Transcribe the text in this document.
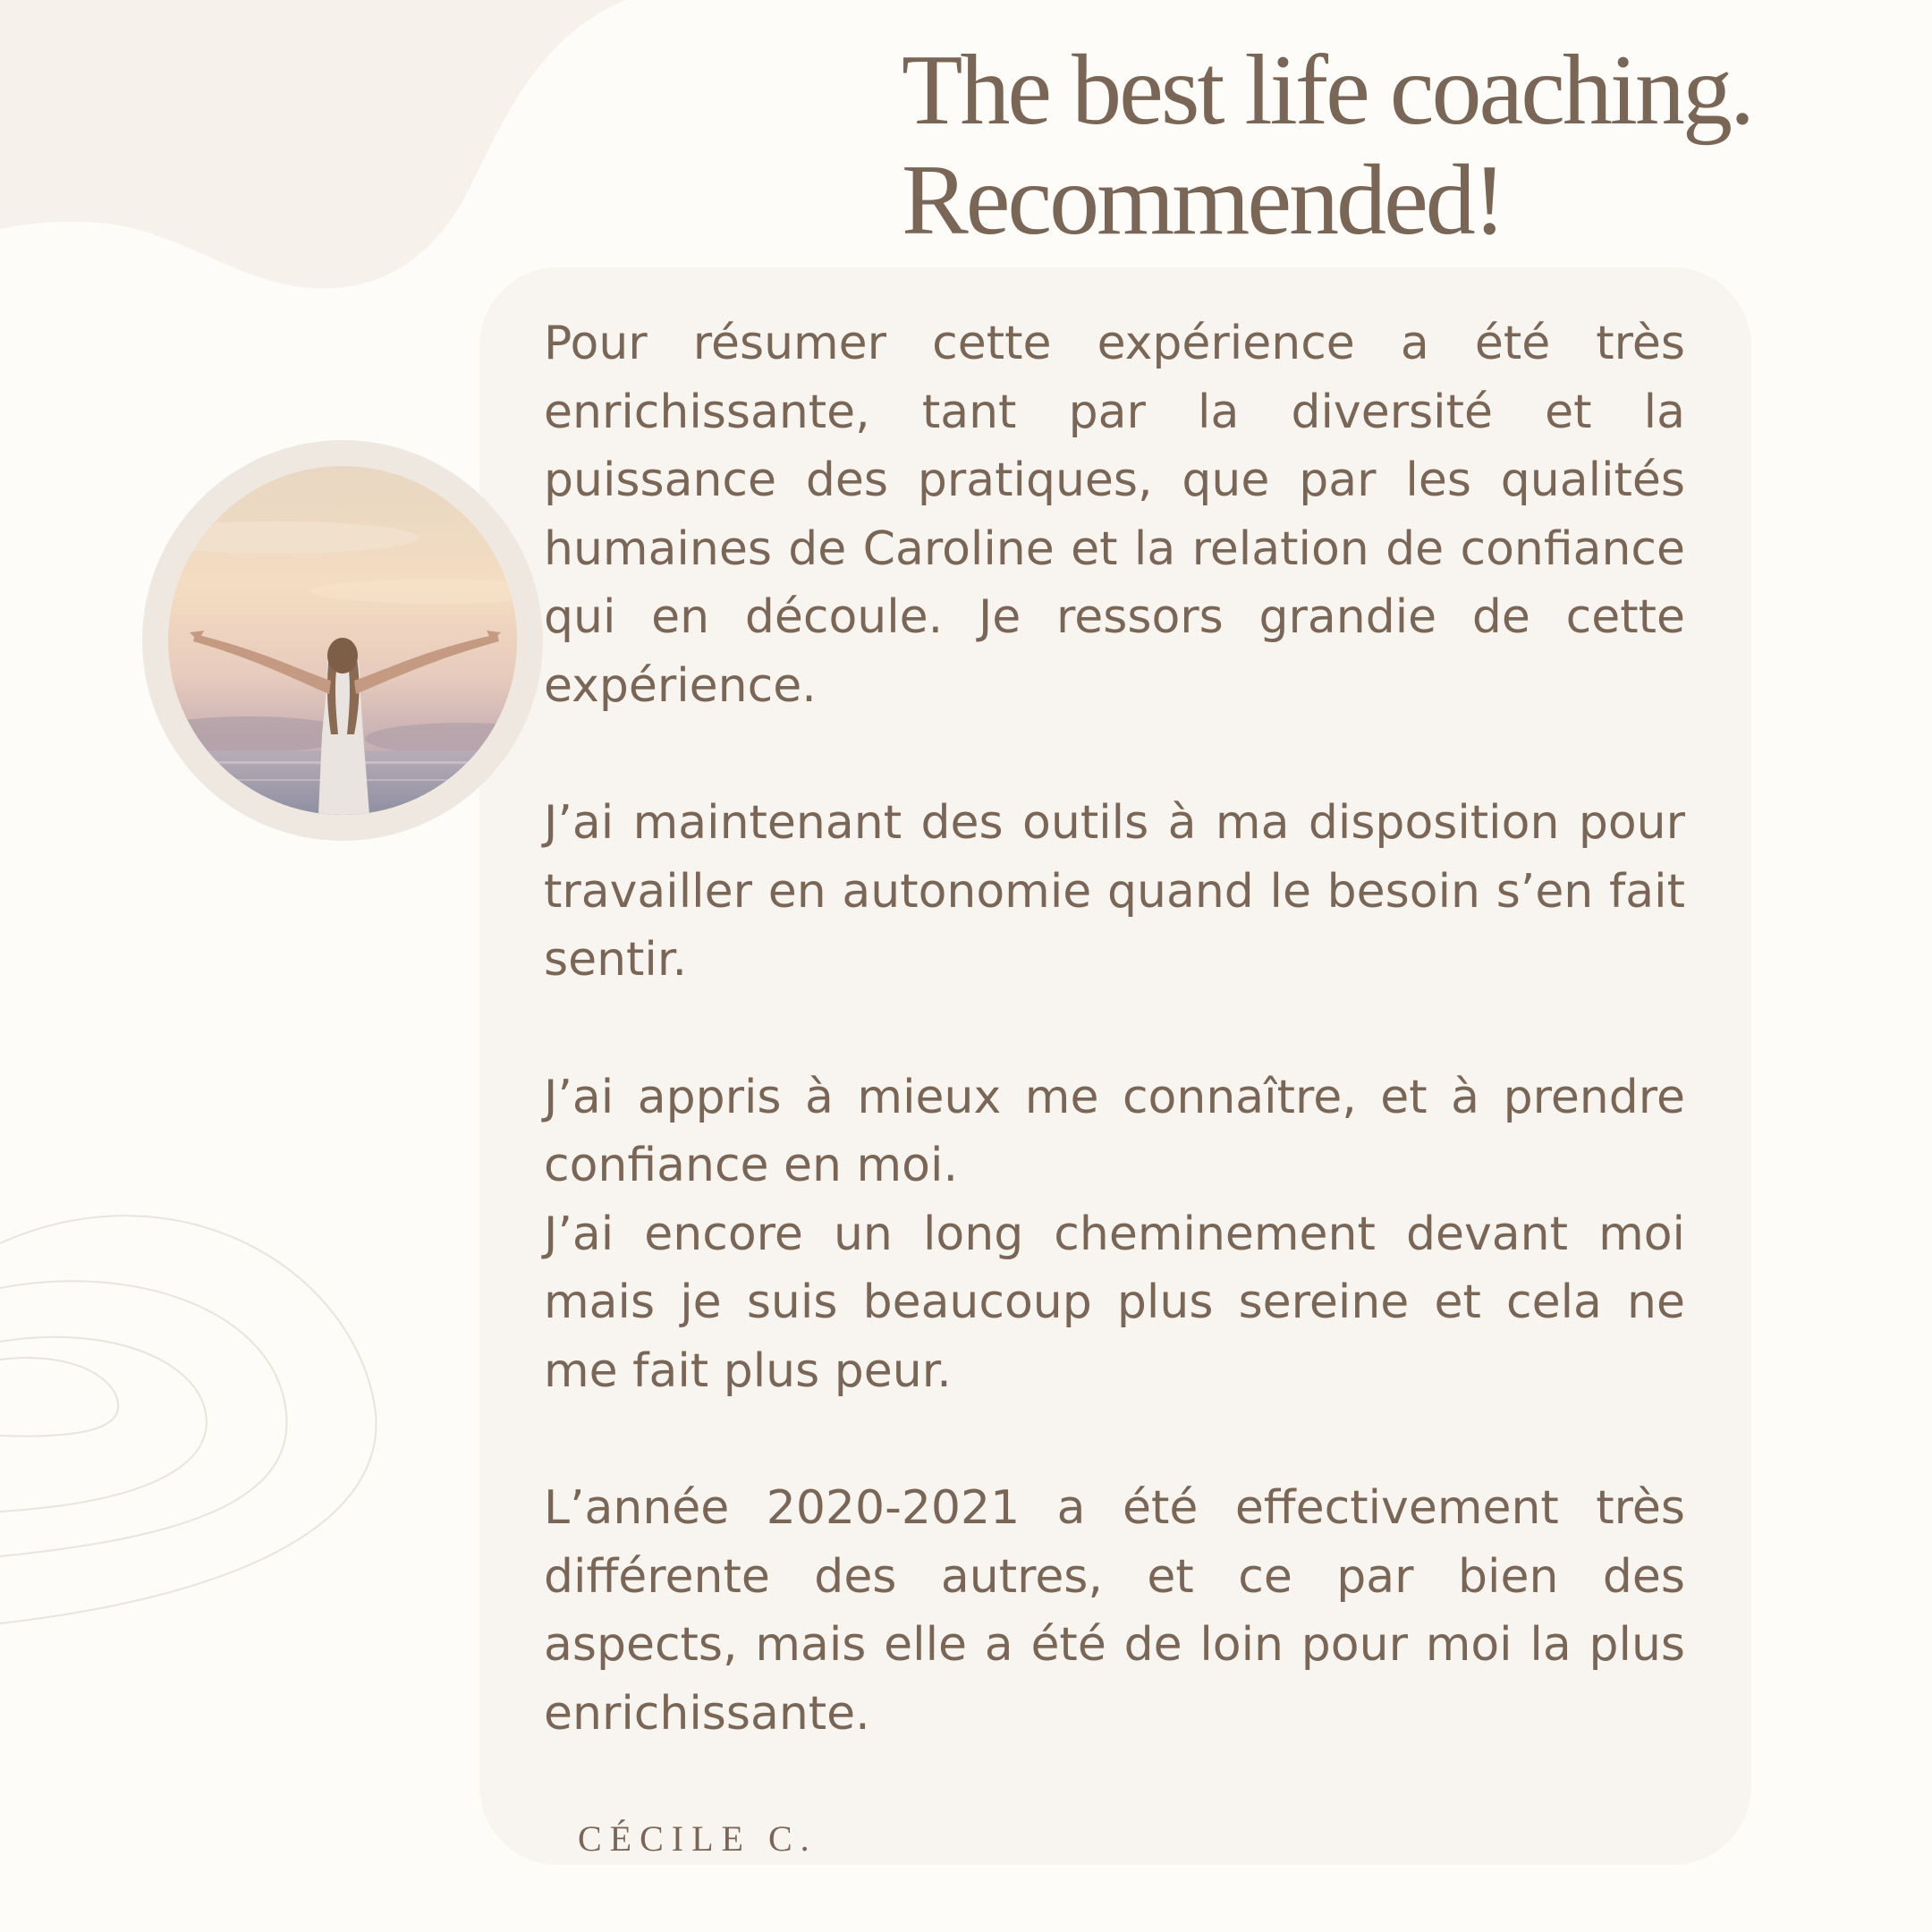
The best life coaching.
Recommended!

Pour résumer cette expérience a été très enrichissante, tant par la diversité et la puissance des pratiques, que par les qualités humaines de Caroline et la relation de confiance qui en découle. Je ressors grandie de cette expérience.

J’ai maintenant des outils à ma disposition pour travailler en autonomie quand le besoin s’en fait sentir.

J’ai appris à mieux me connaître, et à prendre confiance en moi.

J’ai encore un long cheminement devant moi mais je suis beaucoup plus sereine et cela ne me fait plus peur.

L’année 2020-2021 a été effectivement très différente des autres, et ce par bien des aspects, mais elle a été de loin pour moi la plus enrichissante.

CÉCILE C.
